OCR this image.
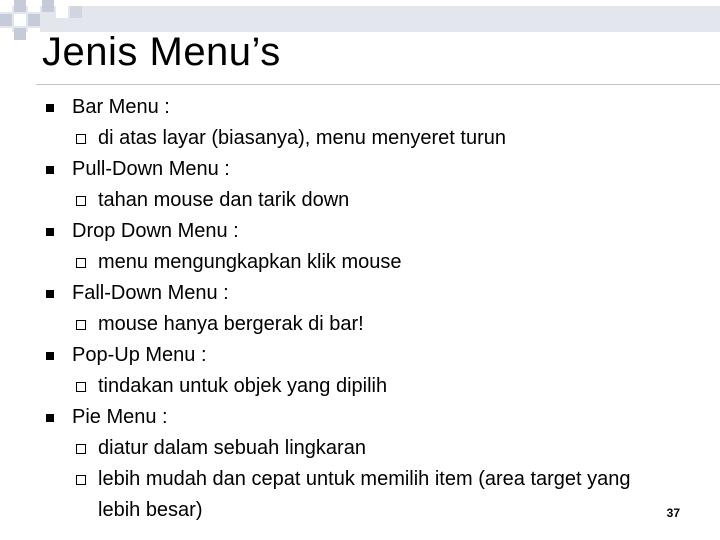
Jenis Menu’s
Bar Menu :
di atas layar (biasanya), menu menyeret turun
Pull-Down Menu :
tahan mouse dan tarik down
Drop Down Menu :
menu mengungkapkan klik mouse
Fall-Down Menu :
mouse hanya bergerak di bar!
Pop-Up Menu :
tindakan untuk objek yang dipilih
Pie Menu :
diatur dalam sebuah lingkaran
lebih mudah dan cepat untuk memilih item (area target yang lebih besar)	37
